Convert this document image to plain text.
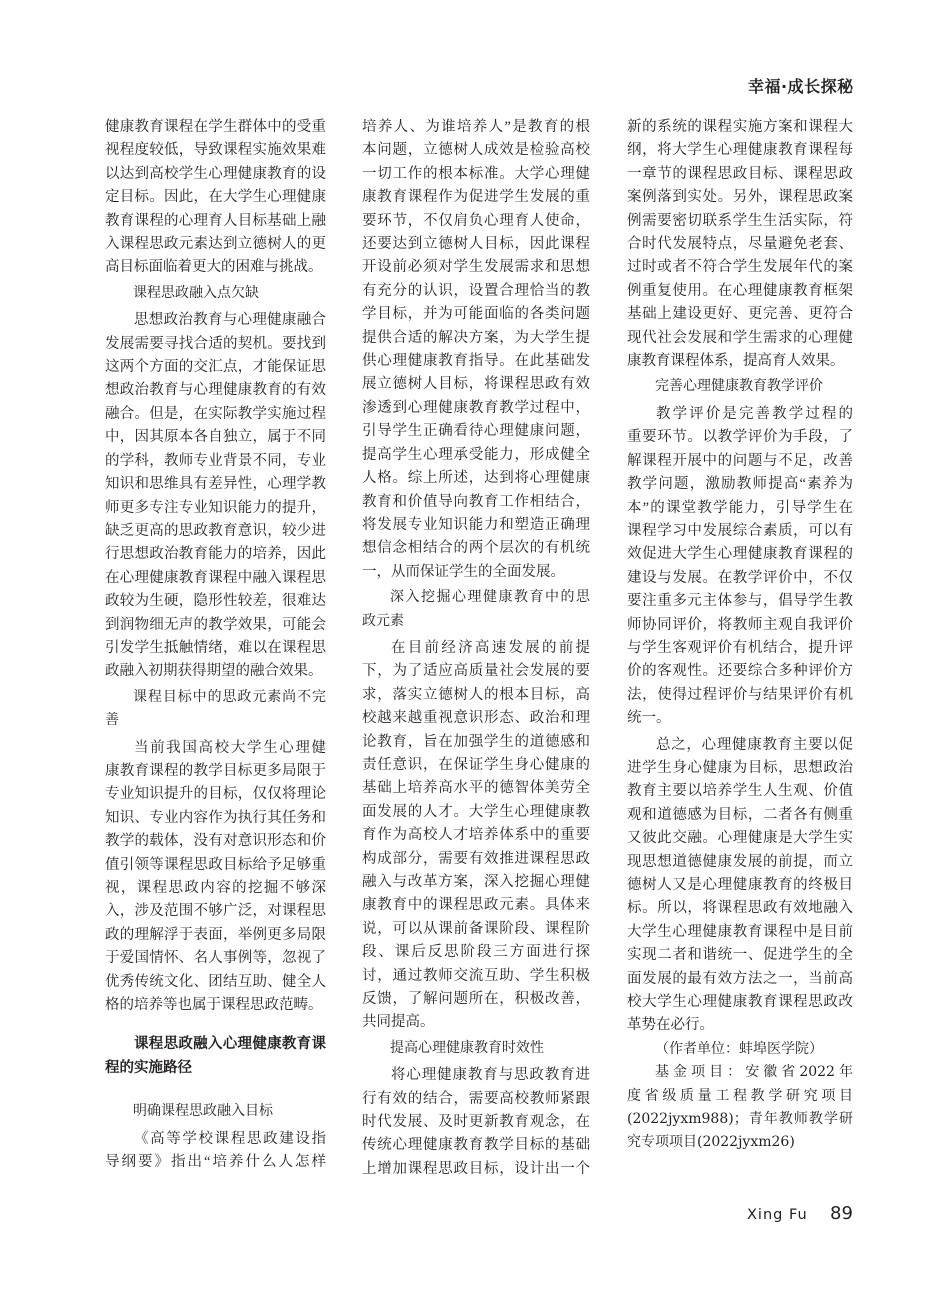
幸福·成长探秘
健康教育课程在学生群体中的受重
视程度较低，导致课程实施效果难
以达到高校学生心理健康教育的设
定目标。因此，在大学生心理健康
教育课程的心理育人目标基础上融
入课程思政元素达到立德树人的更
高目标面临着更大的困难与挑战。
课程思政融入点欠缺
思想政治教育与心理健康融合
发展需要寻找合适的契机。要找到
这两个方面的交汇点，才能保证思
想政治教育与心理健康教育的有效
融合。但是，在实际教学实施过程
中，因其原本各自独立，属于不同
的学科，教师专业背景不同，专业
知识和思维具有差异性，心理学教
师更多专注专业知识能力的提升，
缺乏更高的思政教育意识，较少进
行思想政治教育能力的培养，因此
在心理健康教育课程中融入课程思
政较为生硬，隐形性较差，很难达
到润物细无声的教学效果，可能会
引发学生抵触情绪，难以在课程思
政融入初期获得期望的融合效果。
课程目标中的思政元素尚不完
善
当前我国高校大学生心理健
康教育课程的教学目标更多局限于
专业知识提升的目标，仅仅将理论
知识、专业内容作为执行其任务和
教学的载体，没有对意识形态和价
值引领等课程思政目标给予足够重
视，课程思政内容的挖掘不够深
入，涉及范围不够广泛，对课程思
政的理解浮于表面，举例更多局限
于爱国情怀、名人事例等，忽视了
优秀传统文化、团结互助、健全人
格的培养等也属于课程思政范畴。
课程思政融入心理健康教育课
程的实施路径
明确课程思政融入目标
《高等学校课程思政建设指
导纲要》指出“培养什么人怎样
培养人、为谁培养人”是教育的根
本问题，立德树人成效是检验高校
一切工作的根本标准。大学心理健
康教育课程作为促进学生发展的重
要环节，不仅肩负心理育人使命，
还要达到立德树人目标，因此课程
开设前必须对学生发展需求和思想
有充分的认识，设置合理恰当的教
学目标，并为可能面临的各类问题
提供合适的解决方案，为大学生提
供心理健康教育指导。在此基础发
展立德树人目标，将课程思政有效
渗透到心理健康教育教学过程中，
引导学生正确看待心理健康问题，
提高学生心理承受能力，形成健全
人格。综上所述，达到将心理健康
教育和价值导向教育工作相结合，
将发展专业知识能力和塑造正确理
想信念相结合的两个层次的有机统
一，从而保证学生的全面发展。
深入挖掘心理健康教育中的思
政元素
在目前经济高速发展的前提
下，为了适应高质量社会发展的要
求，落实立德树人的根本目标，高
校越来越重视意识形态、政治和理
论教育，旨在加强学生的道德感和
责任意识，在保证学生身心健康的
基础上培养高水平的德智体美劳全
面发展的人才。大学生心理健康教
育作为高校人才培养体系中的重要
构成部分，需要有效推进课程思政
融入与改革方案，深入挖掘心理健
康教育中的课程思政元素。具体来
说，可以从课前备课阶段、课程阶
段、课后反思阶段三方面进行探
讨，通过教师交流互助、学生积极
反馈，了解问题所在，积极改善，
共同提高。
提高心理健康教育时效性
将心理健康教育与思政教育进
行有效的结合，需要高校教师紧跟
时代发展、及时更新教育观念，在
传统心理健康教育教学目标的基础
上增加课程思政目标，设计出一个
新的系统的课程实施方案和课程大
纲，将大学生心理健康教育课程每
一章节的课程思政目标、课程思政
案例落到实处。另外，课程思政案
例需要密切联系学生生活实际，符
合时代发展特点，尽量避免老套、
过时或者不符合学生发展年代的案
例重复使用。在心理健康教育框架
基础上建设更好、更完善、更符合
现代社会发展和学生需求的心理健
康教育课程体系，提高育人效果。
完善心理健康教育教学评价
教学评价是完善教学过程的
重要环节。以教学评价为手段，了
解课程开展中的问题与不足，改善
教学问题，激励教师提高“素养为
本”的课堂教学能力，引导学生在
课程学习中发展综合素质，可以有
效促进大学生心理健康教育课程的
建设与发展。在教学评价中，不仅
要注重多元主体参与，倡导学生教
师协同评价，将教师主观自我评价
与学生客观评价有机结合，提升评
价的客观性。还要综合多种评价方
法，使得过程评价与结果评价有机
统一。
总之，心理健康教育主要以促
进学生身心健康为目标，思想政治
教育主要以培养学生人生观、价值
观和道德感为目标，二者各有侧重
又彼此交融。心理健康是大学生实
现思想道德健康发展的前提，而立
德树人又是心理健康教育的终极目
标。所以，将课程思政有效地融入
大学生心理健康教育课程中是目前
实现二者和谐统一、促进学生的全
面发展的最有效方法之一，当前高
校大学生心理健康教育课程思政改
革势在必行。
（作者单位：蚌埠医学院）
基金项目：安徽省2022年
度省级质量工程教学研究项目
(2022jyxm988)；青年教师教学研
究专项项目(2022jyxm26)
Xing Fu 89
